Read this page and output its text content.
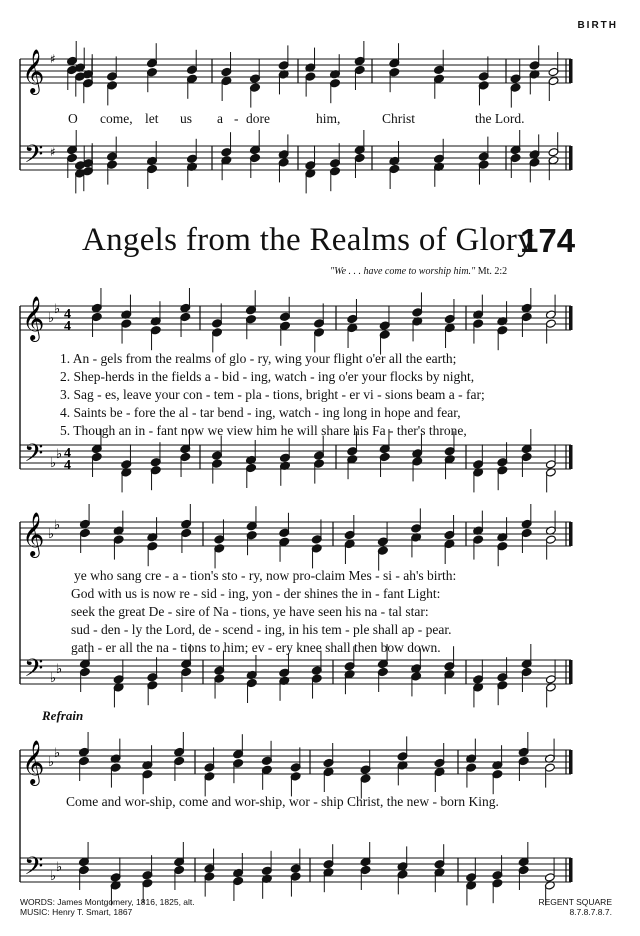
BIRTH
𝄞
𝄢
♯
♯
𝄞
𝄢
♭
♭
♭
♭
4
4
4
4
𝄞
𝄢
♭
♭
♭
♭
𝄞
𝄢
♭
♭
♭
♭
O come, let us a - dore	him,	Christ	the Lord.
Angels from the Realms of Glory
174
"We . . . have come to worship him." Mt. 2:2
1. An - gels from the realms of glo - ry, wing your flight o'er all the earth;
2. Shep-herds in the fields a - bid - ing, watch - ing o'er your flocks by night,
3. Sag - es, leave your con - tem - pla - tions, bright - er vi - sions beam a - far;
4. Saints be - fore the al - tar bend - ing, watch - ing long in hope and fear,
5. Though an in - fant now we view him he will share his Fa - ther's throne,
ye who sang cre - a - tion's sto - ry, now pro-claim Mes - si - ah's birth:
God with us is now re - sid - ing, yon - der shines the in - fant Light:
seek the great De - sire of Na - tions, ye have seen his na - tal star:
sud - den - ly the Lord, de - scend - ing, in his tem - ple shall ap - pear.
gath - er all the na - tions to him; ev - ery knee shall then bow down.
Refrain
Come and wor-ship, come and wor-ship, wor - ship Christ, the new - born King.
WORDS: James Montgomery, 1816, 1825, alt.
MUSIC: Henry T. Smart, 1867
REGENT SQUARE
8.7.8.7.8.7.
